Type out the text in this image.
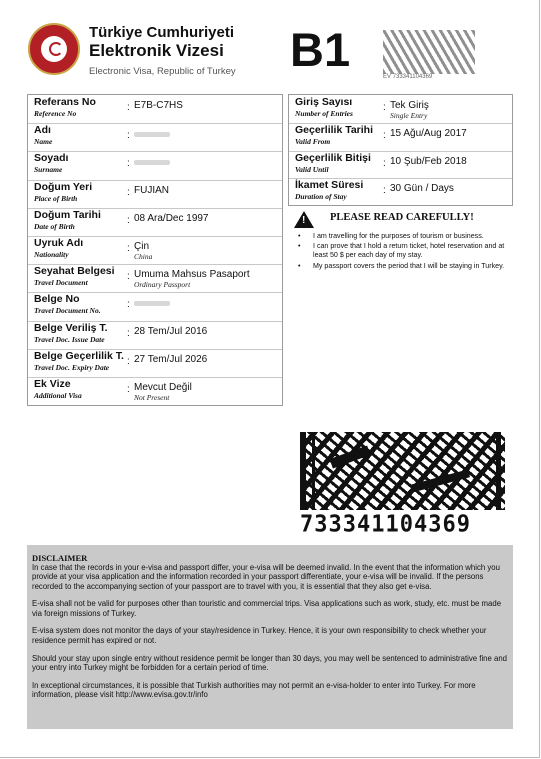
Türkiye Cumhuriyeti
Elektronik Vizesi
Electronic Visa, Republic of Turkey B1
EV 733341104369
Referans No
Reference No
: E7B-C7HS
Adı
Name
:
Soyadı
Surname
:
Doğum Yeri
Place of Birth
: FUJIAN
Doğum Tarihi
Date of Birth
: 08 Ara/Dec 1997
Uyruk Adı
Nationality
: Çin
China
Seyahat Belgesi
Travel Document
: Umuma Mahsus Pasaport
Ordinary Passport
Belge No
Travel Document No.
:
Belge Veriliş T.
Travel Doc. Issue Date
: 28 Tem/Jul 2016
Belge Geçerlilik T.
Travel Doc. Expiry Date
: 27 Tem/Jul 2026
Ek Vize
Additional Visa
: Mevcut Değil
Not Present
Giriş Sayısı
Number of Entries
: Tek Giriş
Single Entry
Geçerlilik Tarihi
Valid From
: 15 Ağu/Aug 2017
Geçerlilik Bitişi
Valid Until
: 10 Şub/Feb 2018
İkamet Süresi
Duration of Stay
: 30 Gün / Days
! PLEASE READ CAREFULLY!
• I am travelling for the purposes of tourism or business.
• I can prove that I hold a return ticket, hotel reservation and at least 50 $ per each day of my stay.
• My passport covers the period that I will be staying in Turkey.
733341104369
DISCLAIMER

In case that the records in your e-visa and passport differ, your e-visa will be deemed invalid. In the event that the information which you provide at your visa application and the information recorded in your passport differentiate, your e-visa will be invalid. If the persons recorded to the accompanying section of your passport are to travel with you, it is essential that they also get e-visa.

E-visa shall not be valid for purposes other than touristic and commercial trips. Visa applications such as work, study, etc. must be made via foreign missions of Turkey.

E-visa system does not monitor the days of your stay/residence in Turkey. Hence, it is your own responsibility to check whether your residence permit has expired or not.

Should your stay upon single entry without residence permit be longer than 30 days, you may well be sentenced to administrative fine and your entry into Turkey might be forbidden for a certain period of time.

In exceptional circumstances, it is possible that Turkish authorities may not permit an e-visa-holder to enter into Turkey. For more information, please visit http://www.evisa.gov.tr/info
